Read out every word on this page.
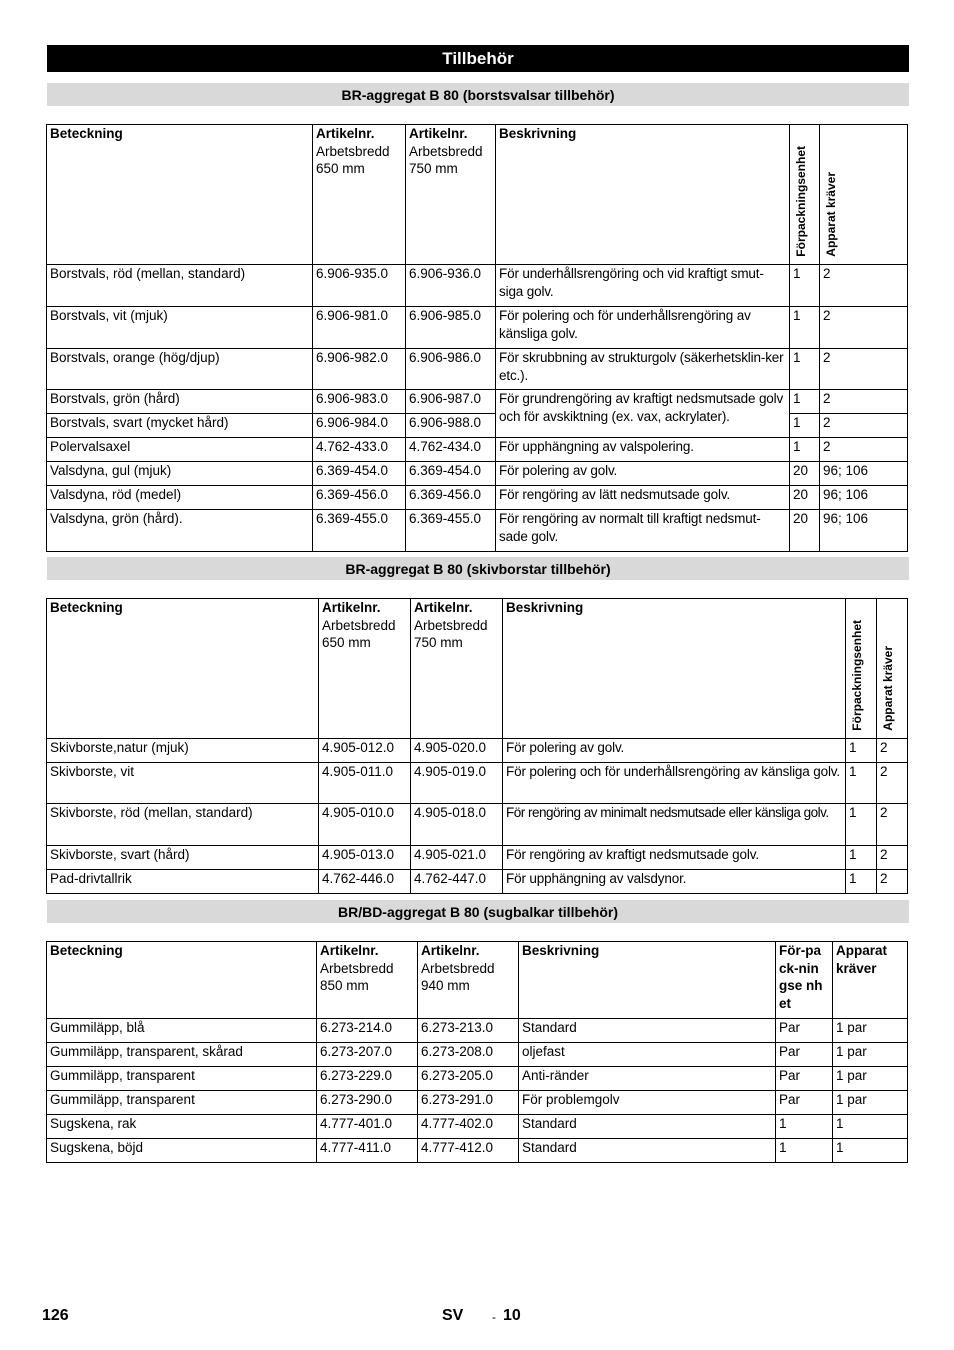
Tillbehör
BR-aggregat B 80 (borstsvalsar tillbehör)
Beteckning	Artikelnr.
Arbetsbredd
650 mm	Artikelnr.
Arbetsbredd
750 mm	Beskrivning	Förpackningsenhet	Apparat kräver
Borstvals, röd (mellan, standard)	6.906-935.0	6.906-936.0	För underhållsrengöring och vid kraftigt smut-siga golv.	1	2
Borstvals, vit (mjuk)	6.906-981.0	6.906-985.0	För polering och för underhållsrengöring av känsliga golv.	1	2
Borstvals, orange (hög/djup)	6.906-982.0	6.906-986.0	För skrubbning av strukturgolv (säkerhetsklin-ker etc.).	1	2
Borstvals, grön (hård)	6.906-983.0	6.906-987.0	För grundrengöring av kraftigt nedsmutsade golv och för avskiktning (ex. vax, ackrylater).	1	2
Borstvals, svart (mycket hård)	6.906-984.0	6.906-988.0		1	2
Polervalsaxel	4.762-433.0	4.762-434.0	För upphängning av valspolering.	1	2
Valsdyna, gul (mjuk)	6.369-454.0	6.369-454.0	För polering av golv.	20	96; 106
Valsdyna, röd (medel)	6.369-456.0	6.369-456.0	För rengöring av lätt nedsmutsade golv.	20	96; 106
Valsdyna, grön (hård).	6.369-455.0	6.369-455.0	För rengöring av normalt till kraftigt nedsmut-sade golv.	20	96; 106
BR-aggregat B 80 (skivborstar tillbehör)
Beteckning	Artikelnr.
Arbetsbredd
650 mm	Artikelnr.
Arbetsbredd
750 mm	Beskrivning	Förpackningsenhet	Apparat kräver
Skivborste,natur (mjuk)	4.905-012.0	4.905-020.0	För polering av golv.	1	2
Skivborste, vit	4.905-011.0	4.905-019.0	För polering och för underhållsrengöring av känsliga golv.	1	2
Skivborste, röd (mellan, standard)	4.905-010.0	4.905-018.0	För rengöring av minimalt nedsmutsade eller känsliga golv.	1	2
Skivborste, svart (hård)	4.905-013.0	4.905-021.0	För rengöring av kraftigt nedsmutsade golv.	1	2
Pad-drivtallrik	4.762-446.0	4.762-447.0	För upphängning av valsdynor.	1	2
BR/BD-aggregat B 80 (sugbalkar tillbehör)
Beteckning	Artikelnr.
Arbetsbredd
850 mm	Artikelnr.
Arbetsbredd
940 mm	Beskrivning	För-pack-ningse nhet	Apparat kräver

Gummiläpp, blå	6.273-214.0	6.273-213.0	Standard	Par	1 par
Gummiläpp, transparent, skårad	6.273-207.0	6.273-208.0	oljefast	Par	1 par
Gummiläpp, transparent	6.273-229.0	6.273-205.0	Anti-ränder	Par	1 par
Gummiläpp, transparent	6.273-290.0	6.273-291.0	För problemgolv	Par	1 par
Sugskena, rak	4.777-401.0	4.777-402.0	Standard	1	1
Sugskena, böjd	4.777-411.0	4.777-412.0	Standard	1	1
126	SV - 10
